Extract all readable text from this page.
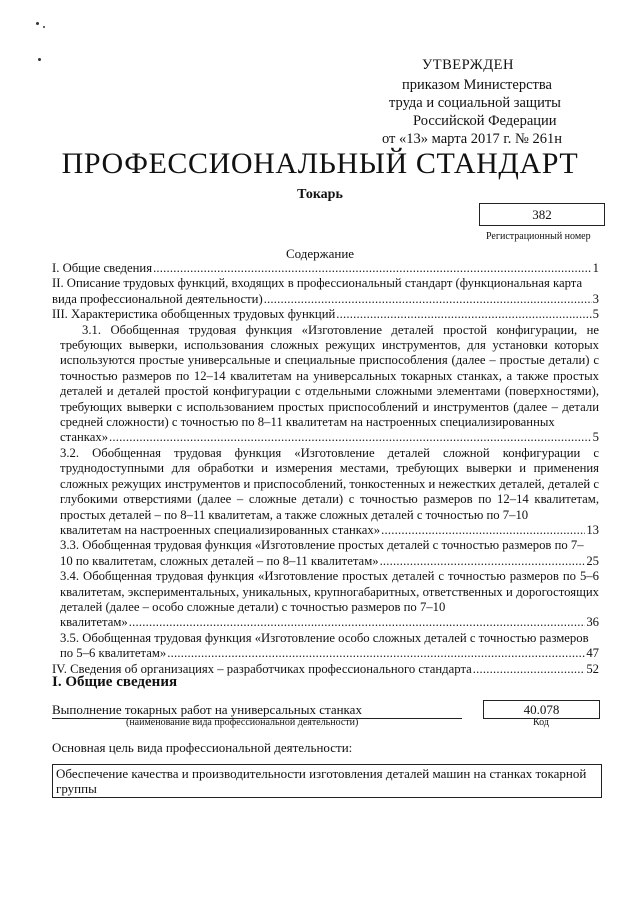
УТВЕРЖДЕН
приказом Министерства
труда и социальной защиты
Российской Федерации
от «13» марта 2017 г. № 261н
ПРОФЕССИОНАЛЬНЫЙ СТАНДАРТ
Токарь
382
Регистрационный номер
Содержание
I. Общие сведения .....	1
II. Описание трудовых функций, входящих в профессиональный стандарт (функциональная карта
вида профессиональной деятельности) .....	3
III. Характеристика обобщенных трудовых функций .....	5
3.1. Обобщенная трудовая функция «Изготовление деталей простой конфигурации, не требующих выверки, использования сложных режущих инструментов, для установки которых используются простые универсальные и специальные приспособления (далее – простые детали) с точностью размеров по 12–14 квалитетам на универсальных токарных станках, а также простых деталей и деталей простой конфигурации с отдельными сложными элементами (поверхностями), требующих выверки с использованием простых приспособлений и инструментов (далее – детали средней сложности) с точностью по 8–11 квалитетам на настроенных специализированных
станках» .....	5
3.2. Обобщенная трудовая функция «Изготовление деталей сложной конфигурации с труднодоступными для обработки и измерения местами, требующих выверки и применения сложных режущих инструментов и приспособлений, тонкостенных и нежестких деталей, деталей с глубокими отверстиями (далее – сложные детали) с точностью размеров по 12–14 квалитетам, простых деталей – по 8–11 квалитетам, а также сложных деталей с точностью по 7–10
квалитетам на настроенных специализированных станках» .....	13
3.3. Обобщенная трудовая функция «Изготовление простых деталей с точностью размеров по 7–
10 по квалитетам, сложных деталей – по 8–11 квалитетам» .....	25
3.4. Обобщенная трудовая функция «Изготовление простых деталей с точностью размеров по 5–6 квалитетам, экспериментальных, уникальных, крупногабаритных, ответственных и дорогостоящих деталей (далее – особо сложные детали) с точностью размеров по 7–10
квалитетам» .....	36
3.5. Обобщенная трудовая функция «Изготовление особо сложных деталей с точностью размеров
по 5–6 квалитетам» .....	47
IV. Сведения об организациях – разработчиках профессионального стандарта .....	52
I. Общие сведения
Выполнение токарных работ на универсальных станках	40.078
(наименование вида профессиональной деятельности)	Код
Основная цель вида профессиональной деятельности:
Обеспечение качества и производительности изготовления деталей машин на станках токарной группы
